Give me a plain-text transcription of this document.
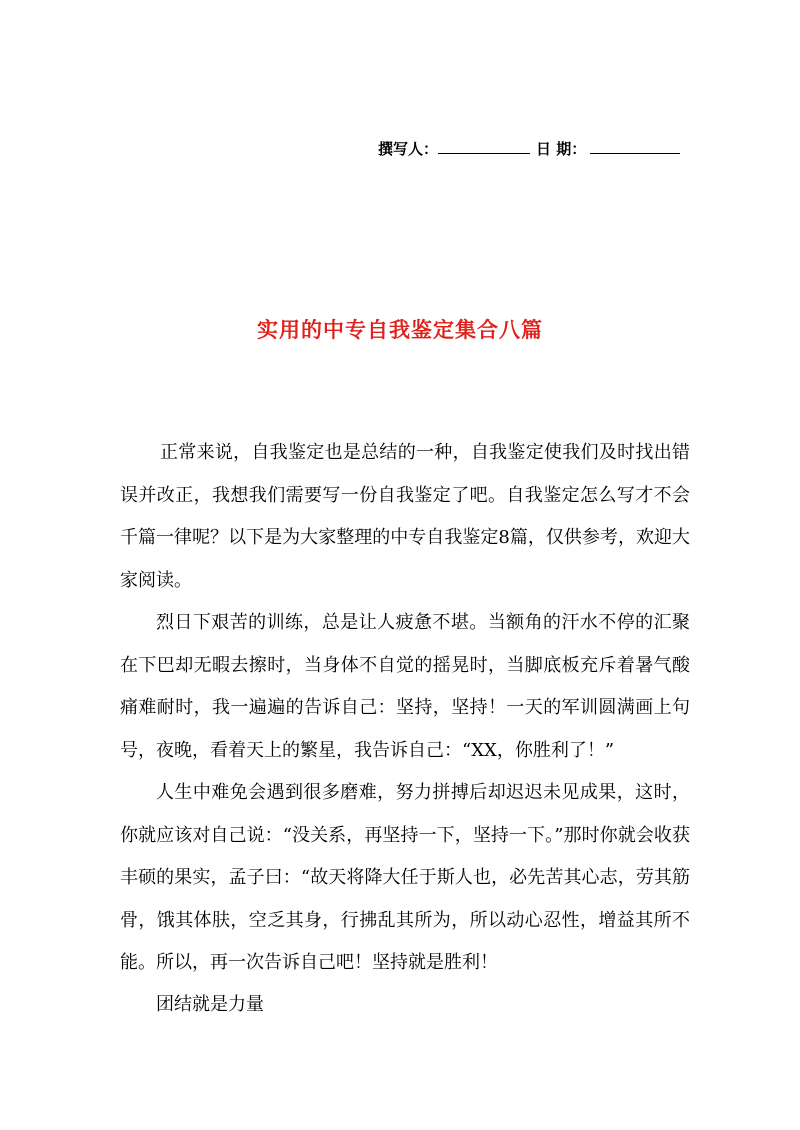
撰写人：	日 期：
实用的中专自我鉴定集合八篇
正常来说，自我鉴定也是总结的一种，自我鉴定使我们及时找出错误并改正，我想我们需要写一份自我鉴定了吧。自我鉴定怎么写才不会千篇一律呢？以下是为大家整理的中专自我鉴定8篇，仅供参考，欢迎大家阅读。
烈日下艰苦的训练，总是让人疲惫不堪。当额角的汗水不停的汇聚在下巴却无暇去擦时，当身体不自觉的摇晃时，当脚底板充斥着暑气酸痛难耐时，我一遍遍的告诉自己：坚持，坚持！一天的军训圆满画上句号，夜晚，看着天上的繁星，我告诉自己：“XX，你胜利了！”
人生中难免会遇到很多磨难，努力拼搏后却迟迟未见成果，这时，你就应该对自己说：“没关系，再坚持一下，坚持一下。”那时你就会收获丰硕的果实，孟子曰：“故天将降大任于斯人也，必先苦其心志，劳其筋骨，饿其体肤，空乏其身，行拂乱其所为，所以动心忍性，增益其所不能。所以，再一次告诉自己吧！坚持就是胜利！
团结就是力量
